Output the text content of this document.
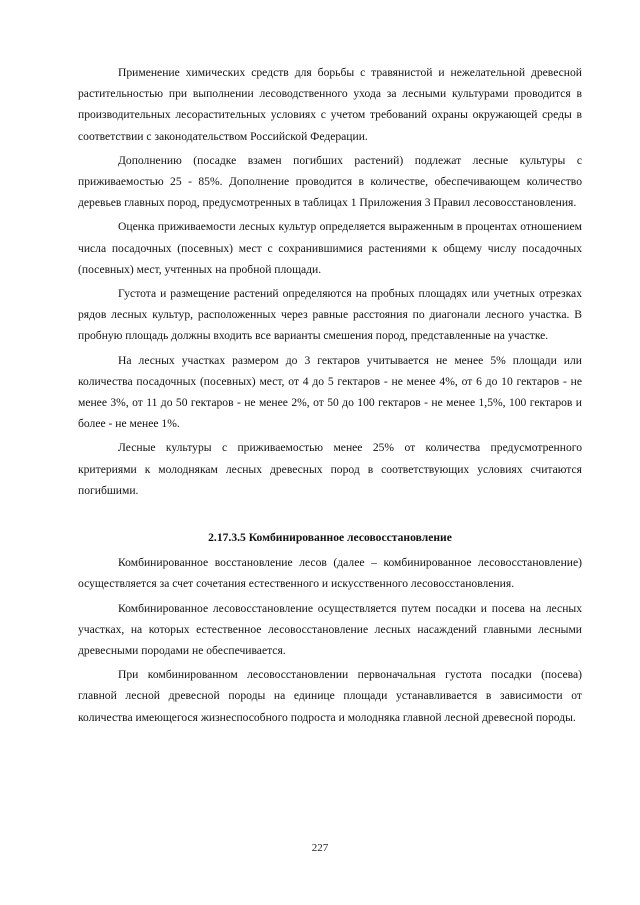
Применение химических средств для борьбы с травянистой и нежелательной древесной растительностью при выполнении лесоводственного ухода за лесными культурами проводится в производительных лесорастительных условиях с учетом требований охраны окружающей среды в соответствии с законодательством Российской Федерации.

Дополнению (посадке взамен погибших растений) подлежат лесные культуры с приживаемостью 25 - 85%. Дополнение проводится в количестве, обеспечивающем количество деревьев главных пород, предусмотренных в таблицах 1 Приложения 3 Правил лесовосстановления.

Оценка приживаемости лесных культур определяется выраженным в процентах отношением числа посадочных (посевных) мест с сохранившимися растениями к общему числу посадочных (посевных) мест, учтенных на пробной площади.

Густота и размещение растений определяются на пробных площадях или учетных отрезках рядов лесных культур, расположенных через равные расстояния по диагонали лесного участка. В пробную площадь должны входить все варианты смешения пород, представленные на участке.

На лесных участках размером до 3 гектаров учитывается не менее 5% площади или количества посадочных (посевных) мест, от 4 до 5 гектаров - не менее 4%, от 6 до 10 гектаров - не менее 3%, от 11 до 50 гектаров - не менее 2%, от 50 до 100 гектаров - не менее 1,5%, 100 гектаров и более - не менее 1%.

Лесные культуры с приживаемостью менее 25% от количества предусмотренного критериями к молоднякам лесных древесных пород в соответствующих условиях считаются погибшими.

2.17.3.5 Комбинированное лесовосстановление

Комбинированное восстановление лесов (далее – комбинированное лесовосстановление) осуществляется за счет сочетания естественного и искусственного лесовосстановления.

Комбинированное лесовосстановление осуществляется путем посадки и посева на лесных участках, на которых естественное лесовосстановление лесных насаждений главными лесными древесными породами не обеспечивается.

При комбинированном лесовосстановлении первоначальная густота посадки (посева) главной лесной древесной породы на единице площади устанавливается в зависимости от количества имеющегося жизнеспособного подроста и молодняка главной лесной древесной породы.

227
